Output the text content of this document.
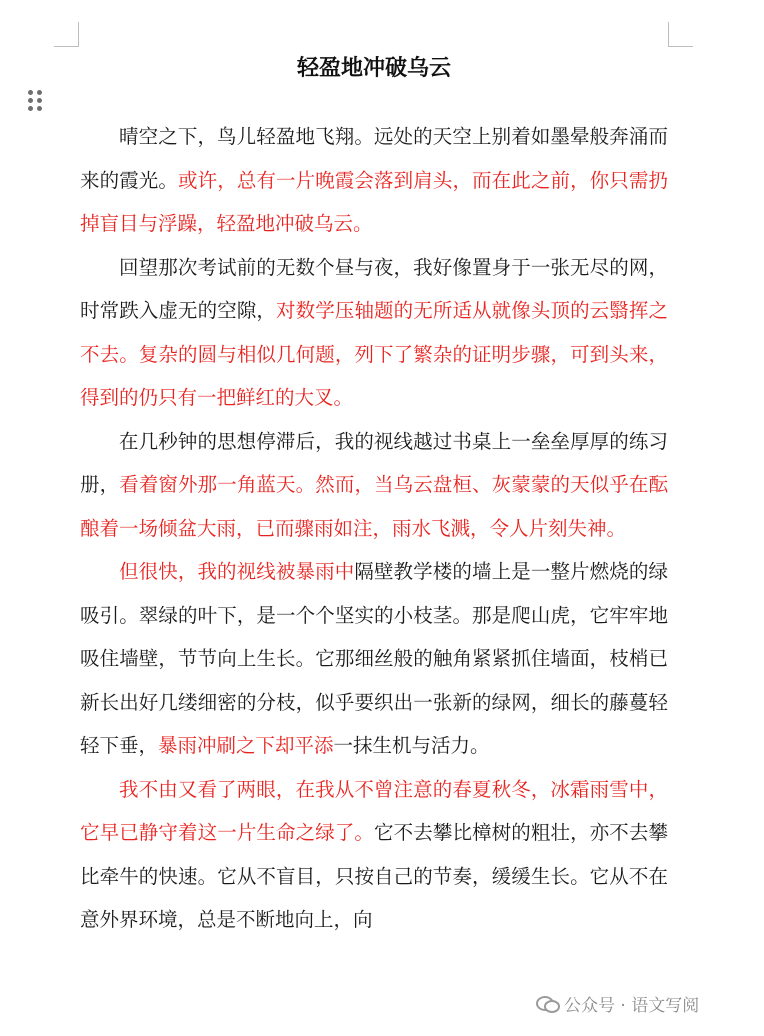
轻盈地冲破乌云

晴空之下，鸟儿轻盈地飞翔。远处的天空上别着如墨晕般奔涌而来的霞光。或许，总有一片晚霞会落到肩头，而在此之前，你只需扔掉盲目与浮躁，轻盈地冲破乌云。

回望那次考试前的无数个昼与夜，我好像置身于一张无尽的网，时常跌入虚无的空隙，对数学压轴题的无所适从就像头顶的云翳挥之不去。复杂的圆与相似几何题，列下了繁杂的证明步骤，可到头来，得到的仍只有一把鲜红的大叉。

在几秒钟的思想停滞后，我的视线越过书桌上一垒垒厚厚的练习册，看着窗外那一角蓝天。然而，当乌云盘桓、灰蒙蒙的天似乎在酝酿着一场倾盆大雨，已而骤雨如注，雨水飞溅，令人片刻失神。

但很快，我的视线被暴雨中隔壁教学楼的墙上是一整片燃烧的绿吸引。翠绿的叶下，是一个个坚实的小枝茎。那是爬山虎，它牢牢地吸住墙壁，节节向上生长。它那细丝般的触角紧紧抓住墙面，枝梢已新长出好几缕细密的分枝，似乎要织出一张新的绿网，细长的藤蔓轻轻下垂，暴雨冲刷之下却平添一抹生机与活力。

我不由又看了两眼，在我从不曾注意的春夏秋冬，冰霜雨雪中，它早已静守着这一片生命之绿了。它不去攀比樟树的粗壮，亦不去攀比牵牛的快速。它从不盲目，只按自己的节奏，缓缓生长。它从不在意外界环境，总是不断地向上，向

公众号 · 语文写阅
